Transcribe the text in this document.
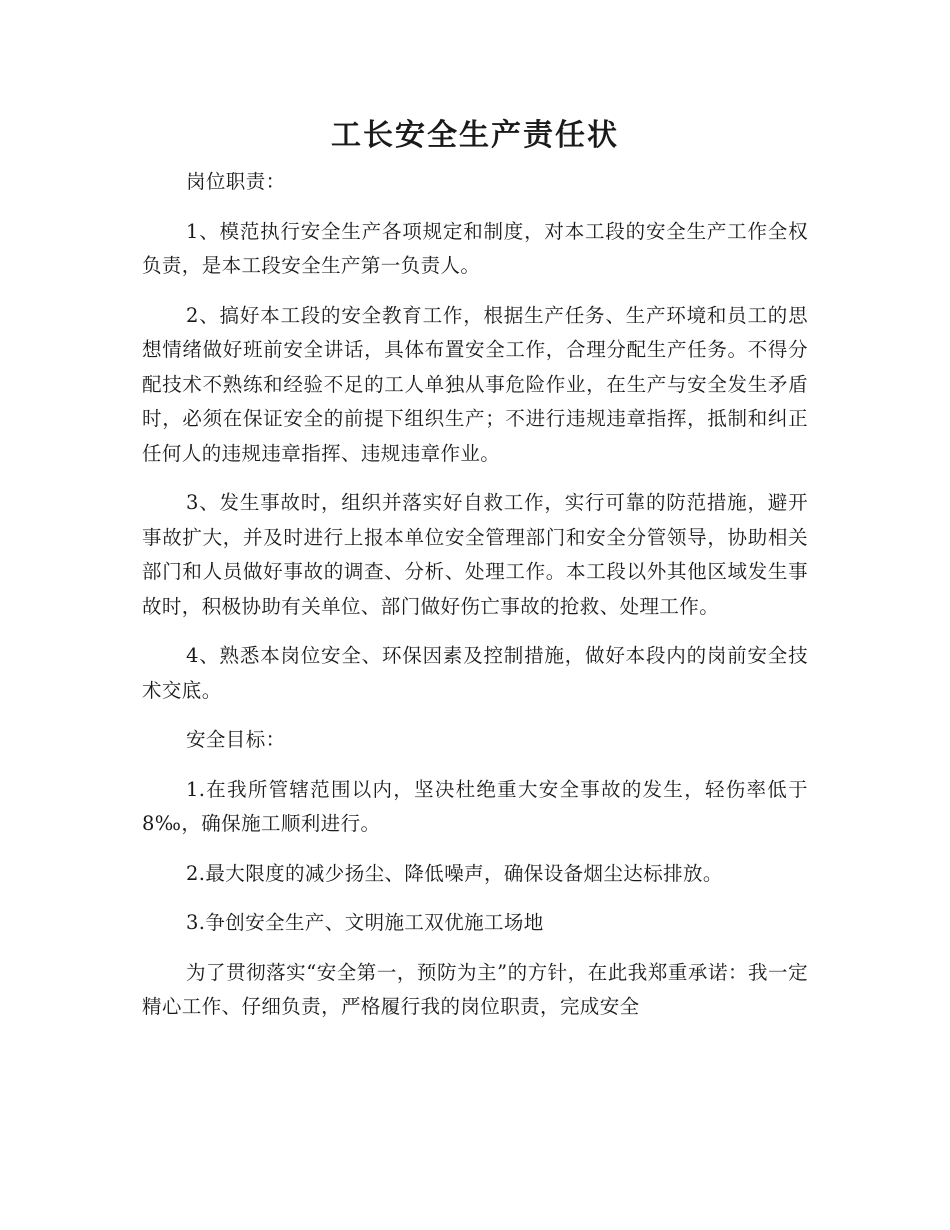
工长安全生产责任状

岗位职责：

1、模范执行安全生产各项规定和制度，对本工段的安全生产工作全权负责，是本工段安全生产第一负责人。

2、搞好本工段的安全教育工作，根据生产任务、生产环境和员工的思想情绪做好班前安全讲话，具体布置安全工作，合理分配生产任务。不得分配技术不熟练和经验不足的工人单独从事危险作业，在生产与安全发生矛盾时，必须在保证安全的前提下组织生产；不进行违规违章指挥，抵制和纠正任何人的违规违章指挥、违规违章作业。

3、发生事故时，组织并落实好自救工作，实行可靠的防范措施，避开事故扩大，并及时进行上报本单位安全管理部门和安全分管领导，协助相关部门和人员做好事故的调查、分析、处理工作。本工段以外其他区域发生事故时，积极协助有关单位、部门做好伤亡事故的抢救、处理工作。

4、熟悉本岗位安全、环保因素及控制措施，做好本段内的岗前安全技术交底。

安全目标：

1.在我所管辖范围以内，坚决杜绝重大安全事故的发生，轻伤率低于8‰，确保施工顺利进行。

2.最大限度的减少扬尘、降低噪声，确保设备烟尘达标排放。

3.争创安全生产、文明施工双优施工场地

为了贯彻落实“安全第一，预防为主”的方针，在此我郑重承诺：我一定精心工作、仔细负责，严格履行我的岗位职责，完成安全
